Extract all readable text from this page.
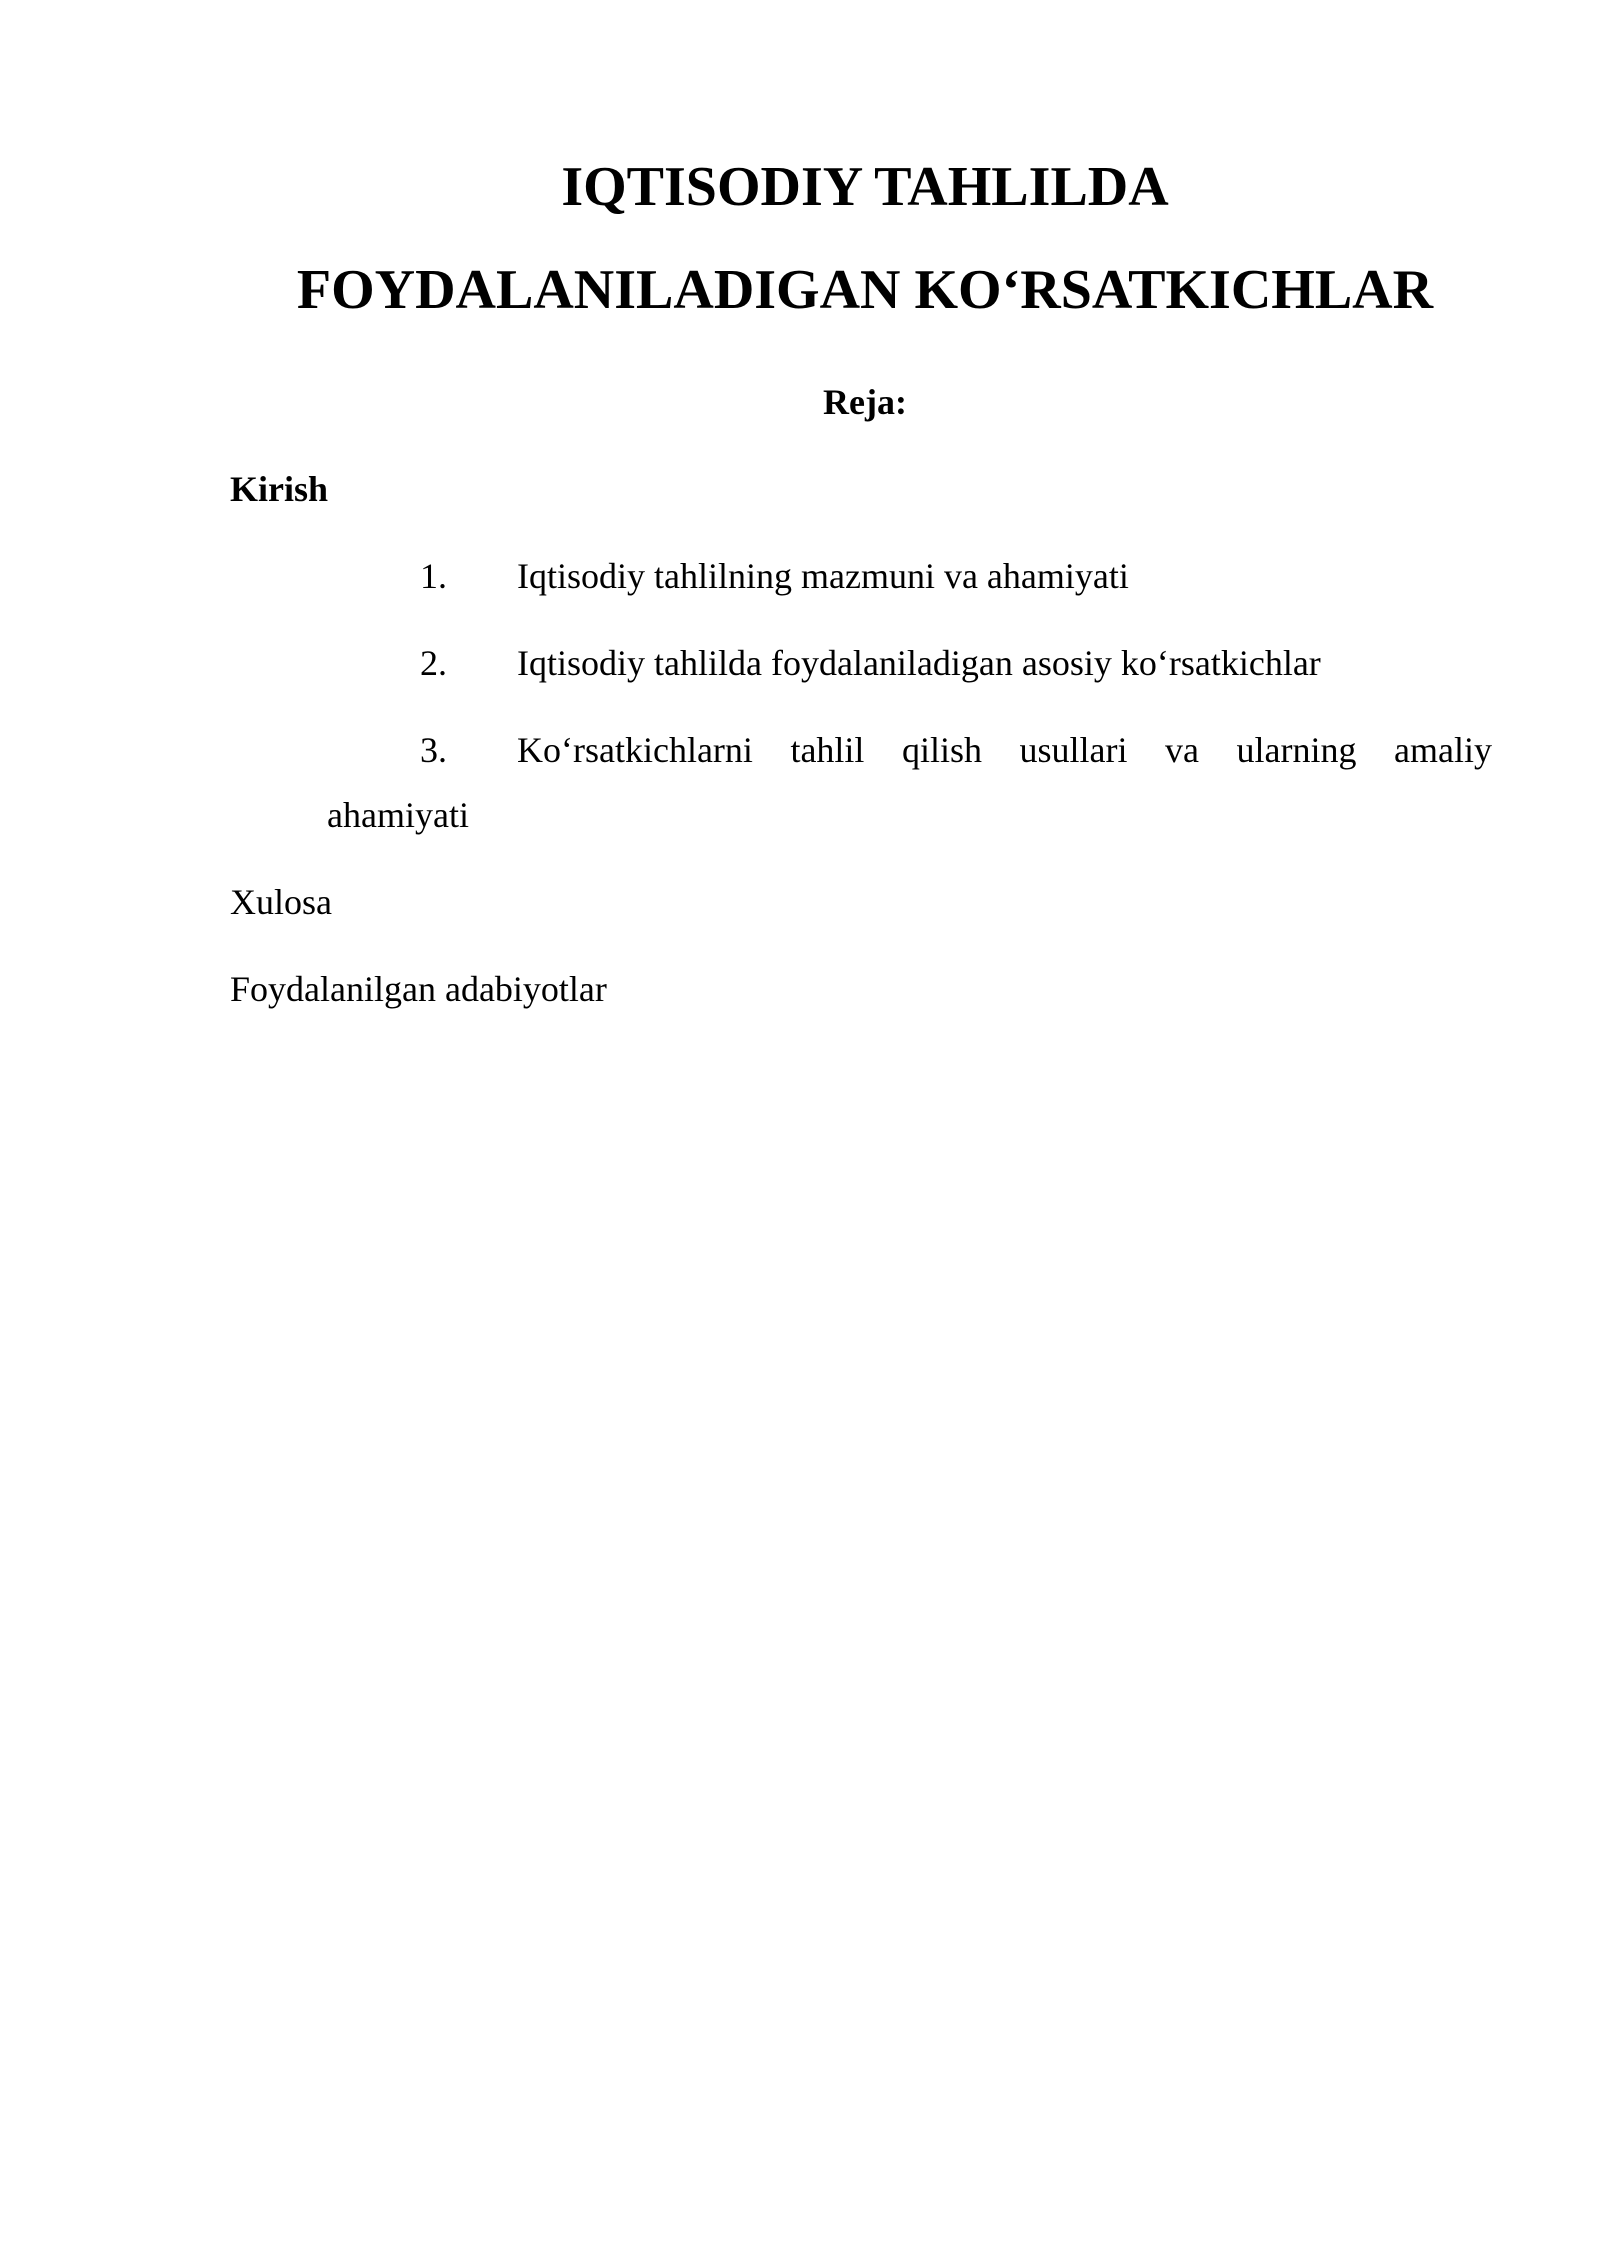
IQTISODIY TAHLILDA
FOYDALANILADIGAN KO‘RSATKICHLAR
Reja:
Kirish
1. Iqtisodiy tahlilning mazmuni va ahamiyati
2. Iqtisodiy tahlilda foydalaniladigan asosiy ko‘rsatkichlar
3. Ko‘rsatkichlarni tahlil qilish usullari va ularning amaliy
ahamiyati
Xulosa
Foydalanilgan adabiyotlar
